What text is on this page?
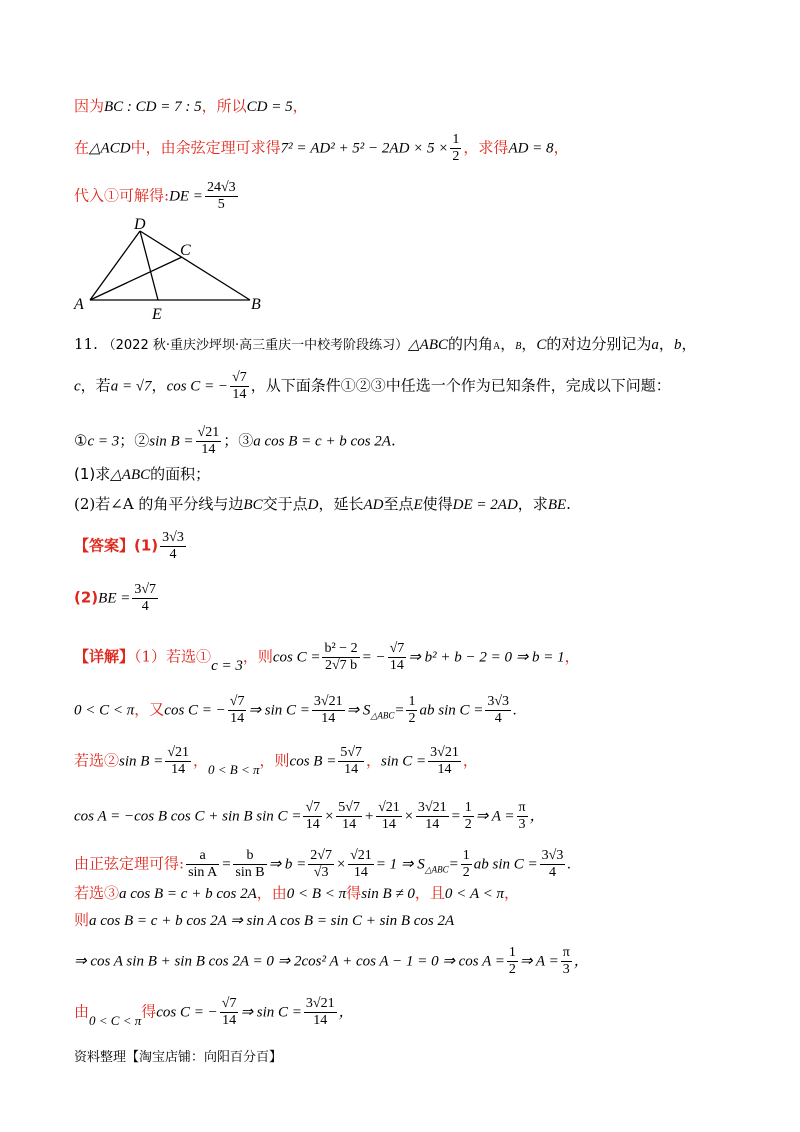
因为BC : CD = 7 : 5，所以CD = 5，
在△ACD中，由余弦定理可求得$7^2 = AD^2 + 5^2 - 2AD \times 5 \times \frac{1}{2}$ ，求得AD = 8，
代入①可解得:DE = $\frac{24√3}{5}$
D
C
A	B
E
11. （2022 秋·重庆沙坪坝·高三重庆一中校考阶段练习）△ABC的内角A，B，C的对边分别记为a，b，
c，若a = √7，cos C = − $\frac{√7}{14}$ ，从下面条件①②③中任选一个作为已知条件，完成以下问题：
①c = 3；②sin $B = \frac{√21}{14}$ ；③a cos B = c + b cos 2A.
(1)求△ABC的面积；
(2)若∠A 的角平分线与边BC交于点D，延长AD至点E使得DE = 2AD，求BE.
【答案】$(1) \frac{3√3}{4}$
$(2)BE = \frac{3√7}{4}$
【详解】（1）若选①c = 3，则$\cos C = \frac{\text{b² − 2}}{2√7 b}$ = − $\frac{√7}{14}$ ⇒ b² + b − 2 = 0 ⇒ b = 1，
0 < C < π，又cos C = − $\frac{√7}{14}$ ⇒ $\sin C = \frac{3√21}{14}$ ⇒ $S_{\triangle ABC}= \frac{1}{2}$ ab $\sin C = \frac{3√3}{4}$ .
若选②sin $B = \frac{√21}{14}$ ，0 < B < π，则$\cos B = \frac{5√7}{14}$ ，$\sin C = \frac{3√21}{14}$ ，
cos A = −cos B cos C + sin B $\sin C = \frac{√7}{14} \times \frac{5√7}{14} + \frac{√21}{14} \times \frac{3√21}{14} = \frac{1}{2}$ ⇒ $A = \frac{\pi}{3}$ ，
由正弦定理可得: $\frac{a}{\text{sin A}} = \frac{b}{\text{sin B}}$ ⇒ $b = \frac{2√7}{√3} \times \frac{√21}{14} = 1$ ⇒ $S_{\triangle ABC}= \frac{1}{2}$ ab $\sin C = \frac{3√3}{4}$ .
若选③a cos B = c + b cos 2A，由0 < B < π得sin B ≠ 0，且0 < A < π，
则a cos B = c + b cos 2A ⇒ sin A cos B = sin C + sin B cos 2A
⇒ cos A sin B + sin B cos 2A = 0 ⇒ 2cos² A + cos A − 1 = 0 ⇒ $\cos A = \frac{1}{2}$ ⇒ $A = \frac{\pi}{3}$ ，
由0 < C < π得cos C = − $\frac{√7}{14}$ ⇒ $\sin C = \frac{3√21}{14}$ ，
资料整理【淘宝店铺：向阳百分百】
